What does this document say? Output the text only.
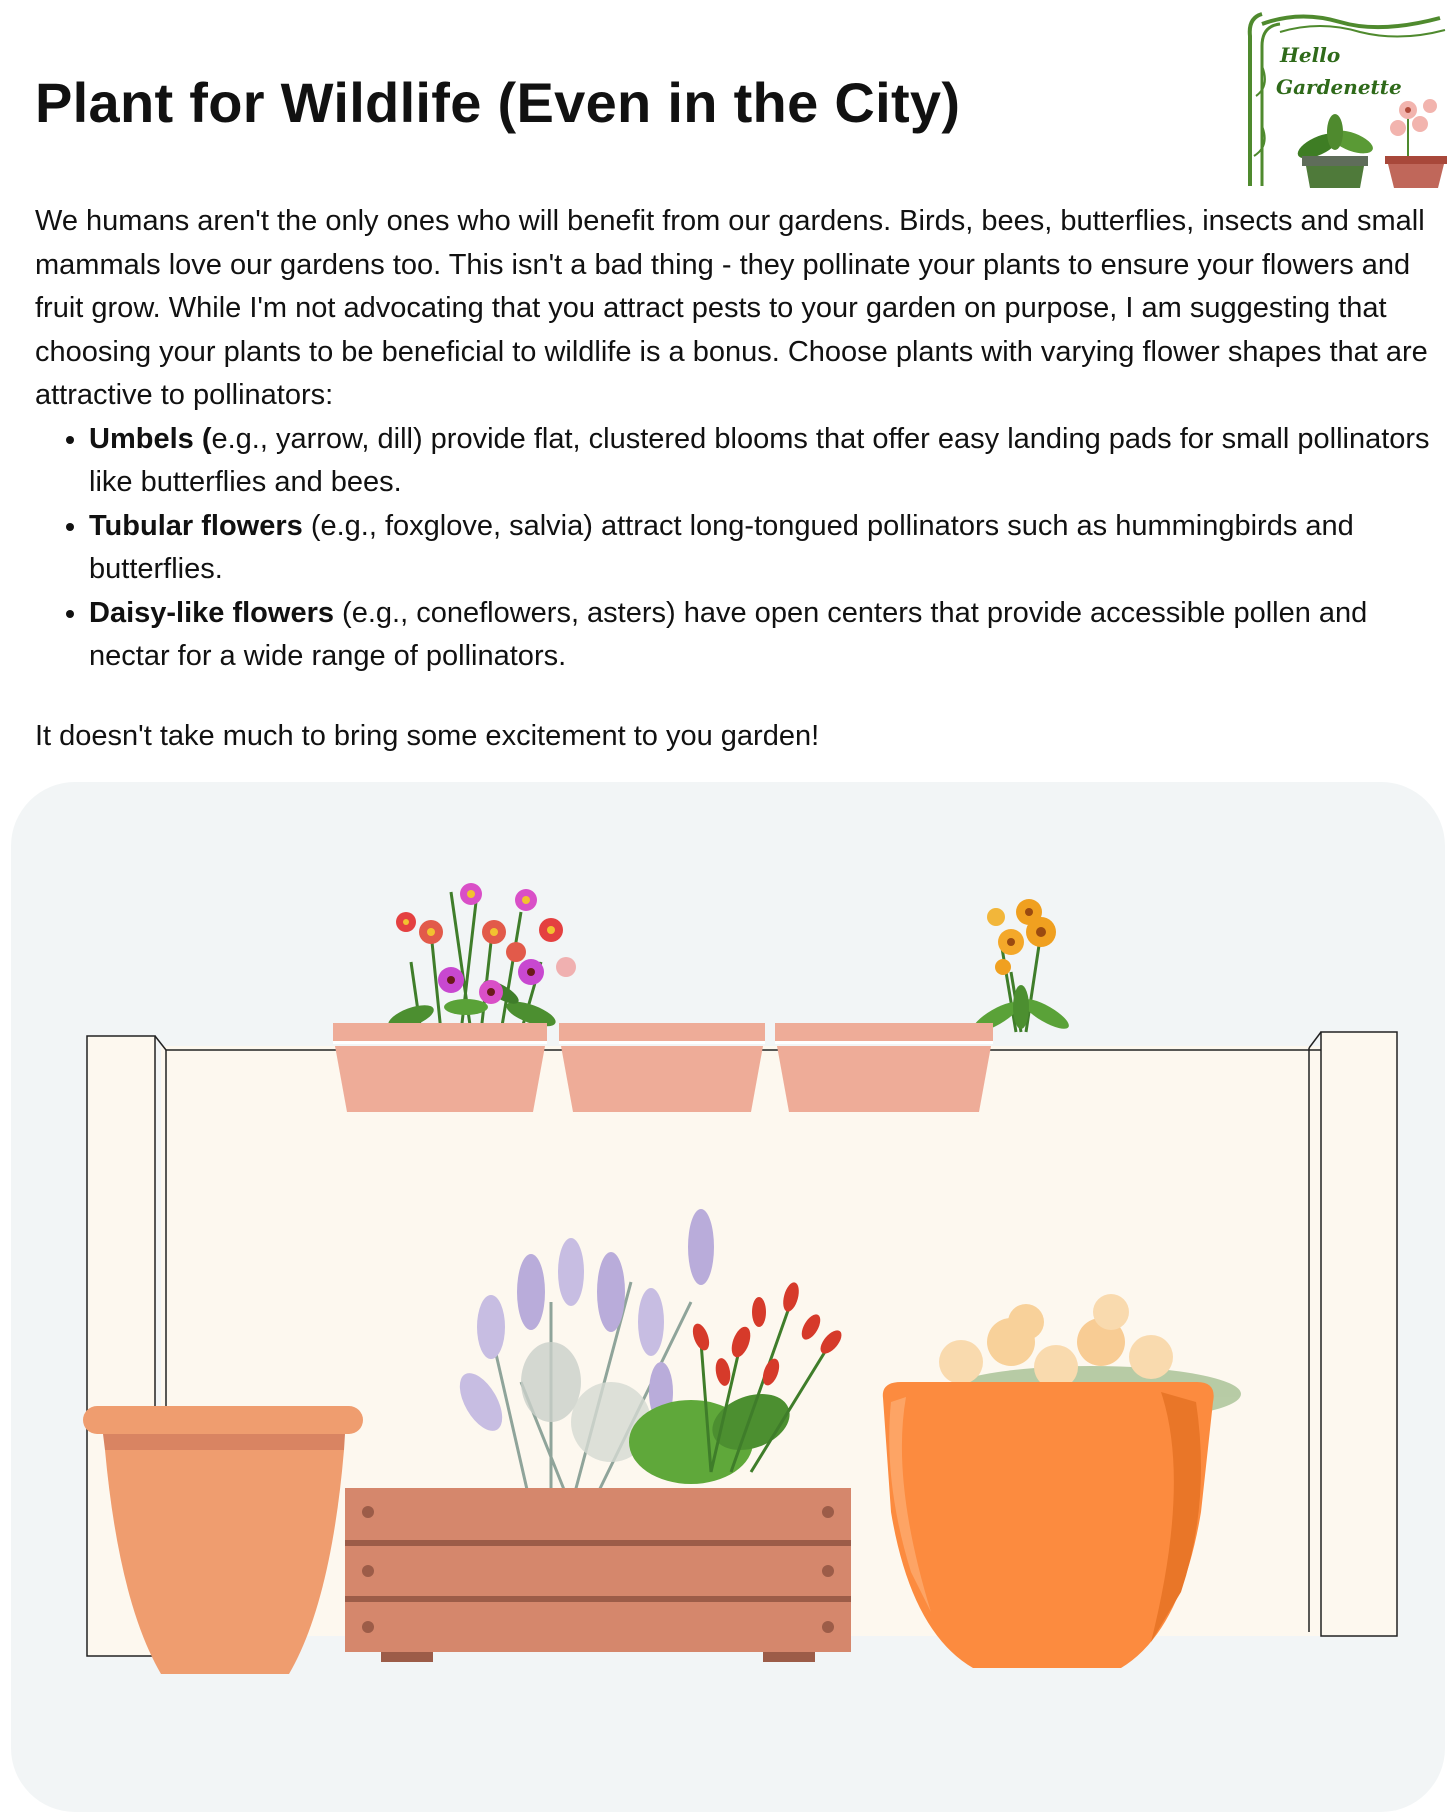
Plant for Wildlife (Even in the City)
Hello
Gardenette

We humans aren't the only ones who will benefit from our gardens. Birds, bees, butterflies, insects and small mammals love our gardens too. This isn't a bad thing - they pollinate your plants to ensure your flowers and fruit grow. While I'm not advocating that you attract pests to your garden on purpose, I am suggesting that choosing your plants to be beneficial to wildlife is a bonus. Choose plants with varying flower shapes that are attractive to pollinators:

• Umbels (e.g., yarrow, dill) provide flat, clustered blooms that offer easy landing pads for small pollinators like butterflies and bees.
• Tubular flowers (e.g., foxglove, salvia) attract long-tongued pollinators such as hummingbirds and butterflies.
• Daisy-like flowers (e.g., coneflowers, asters) have open centers that provide accessible pollen and nectar for a wide range of pollinators.

It doesn't take much to bring some excitement to you garden!
